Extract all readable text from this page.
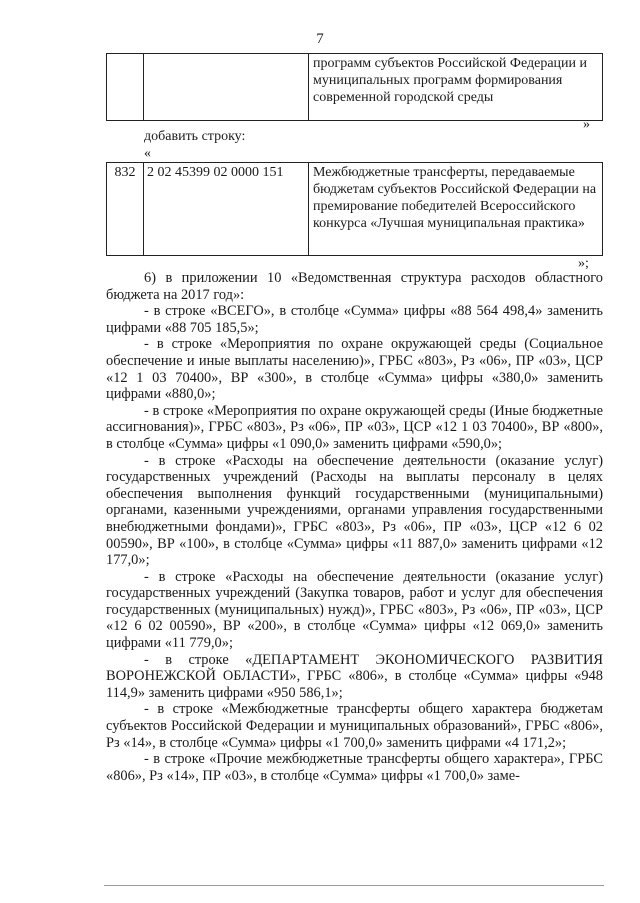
7
		программ субъектов Российской Федерации и муниципальных программ формирования современной городской среды
»
добавить строку:
«
832	2 02 45399 02 0000 151	Межбюджетные трансферты, передаваемые бюджетам субъектов Российской Федерации на премирование победителей Всероссийского конкурса «Лучшая муниципальная практика»
»;

6) в приложении 10 «Ведомственная структура расходов областного бюджета на 2017 год»:

- в строке «ВСЕГО», в столбце «Сумма» цифры «88 564 498,4» заменить цифрами «88 705 185,5»;

- в строке «Мероприятия по охране окружающей среды (Социальное обеспечение и иные выплаты населению)», ГРБС «803», Рз «06», ПР «03», ЦСР «12 1 03 70400», ВР «300», в столбце «Сумма» цифры «380,0» заменить цифрами «880,0»;

- в строке «Мероприятия по охране окружающей среды (Иные бюджетные ассигнования)», ГРБС «803», Рз «06», ПР «03», ЦСР «12 1 03 70400», ВР «800», в столбце «Сумма» цифры «1 090,0» заменить цифрами «590,0»;

- в строке «Расходы на обеспечение деятельности (оказание услуг) государственных учреждений (Расходы на выплаты персоналу в целях обеспечения выполнения функций государственными (муниципальными) органами, казенными учреждениями, органами управления государственными внебюджетными фондами)», ГРБС «803», Рз «06», ПР «03», ЦСР «12 6 02 00590», ВР «100», в столбце «Сумма» цифры «11 887,0» заменить цифрами «12 177,0»;

- в строке «Расходы на обеспечение деятельности (оказание услуг) государственных учреждений (Закупка товаров, работ и услуг для обеспечения государственных (муниципальных) нужд)», ГРБС «803», Рз «06», ПР «03», ЦСР «12 6 02 00590», ВР «200», в столбце «Сумма» цифры «12 069,0» заменить цифрами «11 779,0»;

- в строке «ДЕПАРТАМЕНТ ЭКОНОМИЧЕСКОГО РАЗВИТИЯ ВОРОНЕЖСКОЙ ОБЛАСТИ», ГРБС «806», в столбце «Сумма» цифры «948 114,9» заменить цифрами «950 586,1»;

- в строке «Межбюджетные трансферты общего характера бюджетам субъектов Российской Федерации и муниципальных образований», ГРБС «806», Рз «14», в столбце «Сумма» цифры «1 700,0» заменить цифрами «4 171,2»;

- в строке «Прочие межбюджетные трансферты общего характера», ГРБС «806», Рз «14», ПР «03», в столбце «Сумма» цифры «1 700,0» заме-
